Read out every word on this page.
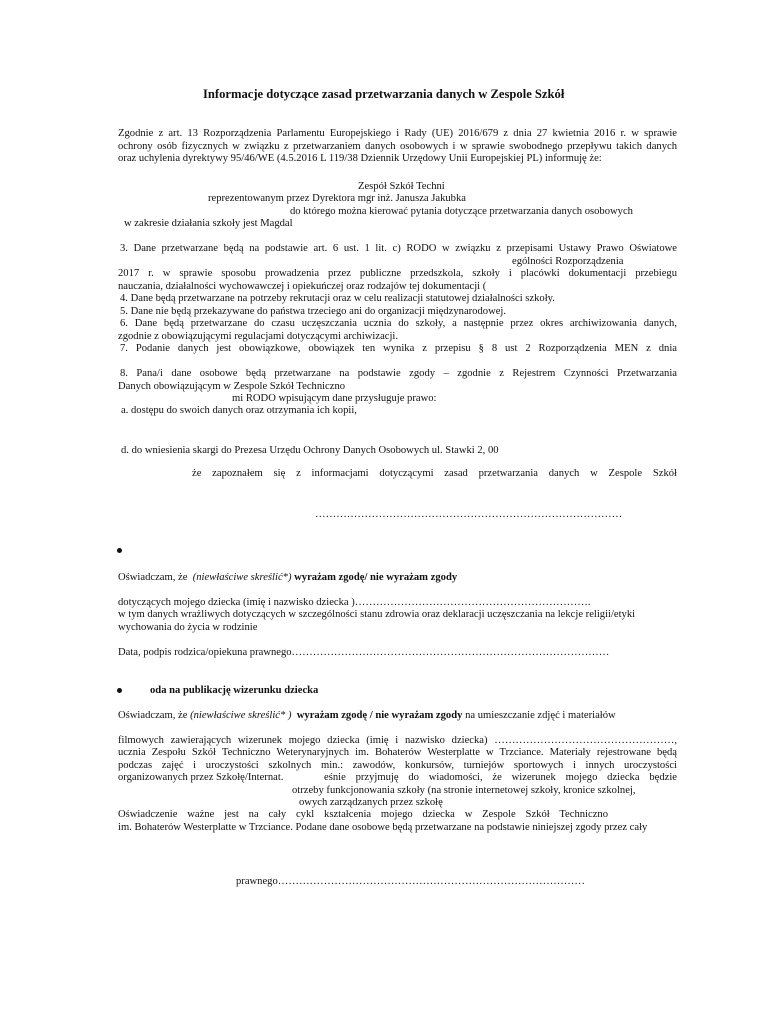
Informacje dotyczące zasad przetwarzania danych w Zespole Szkół
Zgodnie z art. 13 Rozporządzenia Parlamentu Europejskiego i Rady (UE) 2016/679 z dnia 27 kwietnia 2016 r. w sprawie
ochrony osób fizycznych w związku z przetwarzaniem danych osobowych i w sprawie swobodnego przepływu takich danych
oraz uchylenia dyrektywy 95/46/WE (4.5.2016 L 119/38 Dziennik Urzędowy Unii Europejskiej PL) informuję że:
Zespół Szkół Techni
reprezentowanym przez Dyrektora mgr inż. Janusza Jakubka
do którego można kierować pytania dotyczące przetwarzania danych osobowych
w zakresie działania szkoły jest Magdal
3. Dane przetwarzane będą na podstawie art. 6 ust. 1 lit. c) RODO w związku z przepisami Ustawy Prawo Oświatowe
ególności Rozporządzenia
2017 r. w sprawie sposobu prowadzenia przez publiczne przedszkola, szkoły i placówki dokumentacji przebiegu
nauczania, działalności wychowawczej i opiekuńczej oraz rodzajów tej dokumentacji (
4. Dane będą przetwarzane na potrzeby rekrutacji oraz w celu realizacji statutowej działalności szkoły.
5. Dane nie będą przekazywane do państwa trzeciego ani do organizacji międzynarodowej.
6. Dane będą przetwarzane do czasu uczęszczania ucznia do szkoły, a następnie przez okres archiwizowania danych,
zgodnie z obowiązującymi regulacjami dotyczącymi archiwizacji.
7. Podanie danych jest obowiązkowe, obowiązek ten wynika z przepisu § 8 ust 2 Rozporządzenia MEN z dnia
8. Pana/i dane osobowe będą przetwarzane na podstawie zgody – zgodnie z Rejestrem Czynności Przetwarzania
Danych obowiązującym w Zespole Szkół Techniczno
mi RODO wpisującym dane przysługuje prawo:
a. dostępu do swoich danych oraz otrzymania ich kopii,
d. do wniesienia skargi do Prezesa Urzędu Ochrony Danych Osobowych ul. Stawki 2, 00
że zapoznałem się z informacjami dotyczącymi zasad przetwarzania danych w Zespole Szkół
……………………………………………………………………………
Oświadczam, że (niewłaściwe skreślić*) wyrażam zgodę/ nie wyrażam zgody
dotyczących mojego dziecka (imię i nazwisko dziecka )………………………………………………………….
w tym danych wrażliwych dotyczących w szczególności stanu zdrowia oraz deklaracji uczęszczania na lekcje religii/etyki
wychowania do życia w rodzinie
Data, podpis rodzica/opiekuna prawnego………………………………………………………………………………
oda na publikację wizerunku dziecka
Oświadczam, że (niewłaściwe skreślić* ) wyrażam zgodę / nie wyrażam zgody na umieszczanie zdjęć i materiałów
filmowych zawierających wizerunek mojego dziecka (imię i nazwisko dziecka) ……………………………………………,
ucznia Zespołu Szkół Techniczno Weterynaryjnych im. Bohaterów Westerplatte w Trzciance. Materiały rejestrowane będą
podczas zajęć i uroczystości szkolnych min.: zawodów, konkursów, turniejów sportowych i innych uroczystości
organizowanych przez Szkołę/Internat.	eśnie przyjmuję do wiadomości, że wizerunek mojego dziecka będzie
otrzeby funkcjonowania szkoły (na stronie internetowej szkoły, kronice szkolnej,
owych zarządzanych przez szkołę
Oświadczenie ważne jest na cały cykl kształcenia mojego dziecka w Zespole Szkół Techniczno
im. Bohaterów Westerplatte w Trzciance. Podane dane osobowe będą przetwarzane na podstawie niniejszej zgody przez cały
prawnego……………………………………………………………………………
